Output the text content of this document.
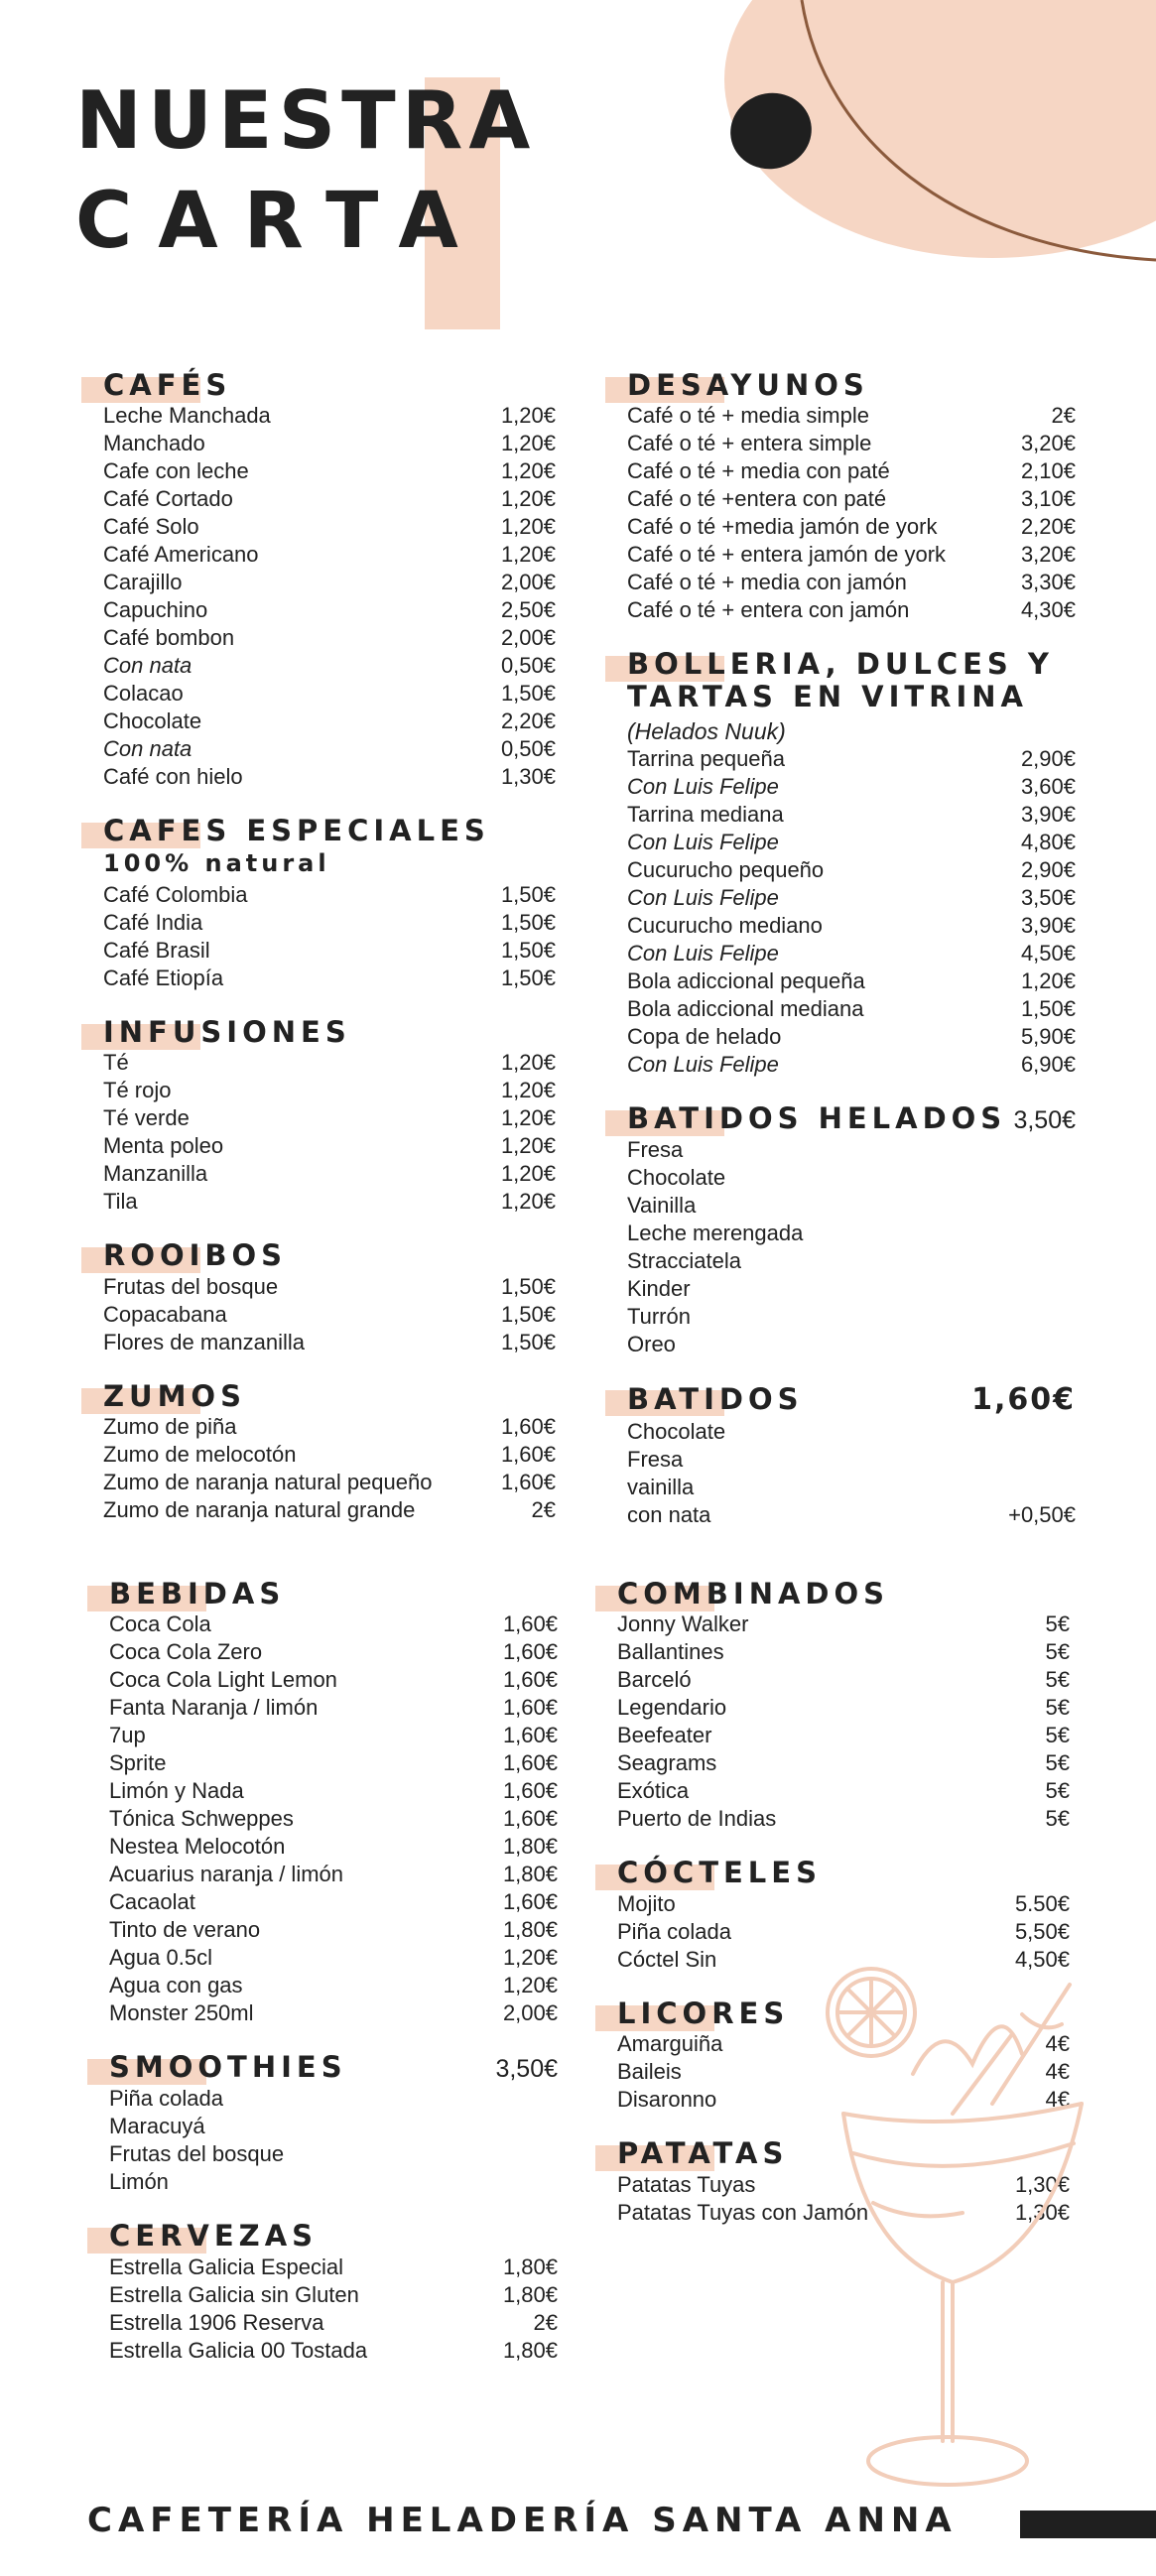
NUESTRA
CARTA
CAFÉS
Leche Manchada	1,20€
Manchado	1,20€
Cafe con leche	1,20€
Café Cortado	1,20€
Café Solo	1,20€
Café Americano	1,20€
Carajillo	2,00€
Capuchino	2,50€
Café bombon	2,00€
Con nata	0,50€
Colacao	1,50€
Chocolate	2,20€
Con nata	0,50€
Café con hielo	1,30€
CAFES ESPECIALES
100% natural
Café Colombia	1,50€
Café India	1,50€
Café Brasil	1,50€
Café Etiopía	1,50€
INFUSIONES
Té	1,20€
Té rojo	1,20€
Té verde	1,20€
Menta poleo	1,20€
Manzanilla	1,20€
Tila	1,20€
ROOIBOS
Frutas del bosque	1,50€
Copacabana	1,50€
Flores de manzanilla	1,50€
ZUMOS
Zumo de piña	1,60€
Zumo de melocotón	1,60€
Zumo de naranja natural pequeño	1,60€
Zumo de naranja natural grande	2€
DESAYUNOS
Café o té + media simple	2€
Café o té + entera simple	3,20€
Café o té + media con paté	2,10€
Café o té +entera con paté	3,10€
Café o té +media jamón de york	2,20€
Café o té + entera jamón de york	3,20€
Café o té + media con jamón	3,30€
Café o té + entera con jamón	4,30€
BOLLERIA, DULCES Y TARTAS EN VITRINA
(Helados Nuuk)
Tarrina pequeña	2,90€
Con Luis Felipe	3,60€
Tarrina mediana	3,90€
Con Luis Felipe	4,80€
Cucurucho pequeño	2,90€
Con Luis Felipe	3,50€
Cucurucho mediano	3,90€
Con Luis Felipe	4,50€
Bola adiccional pequeña	1,20€
Bola adiccional mediana	1,50€
Copa de helado	5,90€
Con Luis Felipe	6,90€
BATIDOS HELADOS 3,50€
Fresa
Chocolate
Vainilla
Leche merengada
Stracciatela
Kinder
Turrón
Oreo
BATIDOS	1,60€
Chocolate
Fresa
vainilla
con nata	+0,50€
BEBIDAS
Coca Cola	1,60€
Coca Cola Zero	1,60€
Coca Cola Light Lemon	1,60€
Fanta Naranja / limón	1,60€
7up	1,60€
Sprite	1,60€
Limón y Nada	1,60€
Tónica Schweppes	1,60€
Nestea Melocotón	1,80€
Acuarius naranja / limón	1,80€
Cacaolat	1,60€
Tinto de verano	1,80€
Agua 0.5cl	1,20€
Agua con gas	1,20€
Monster 250ml	2,00€
SMOOTHIES	3,50€
Piña colada
Maracuyá
Frutas del bosque
Limón
CERVEZAS
Estrella Galicia Especial	1,80€
Estrella Galicia sin Gluten	1,80€
Estrella 1906 Reserva	2€
Estrella Galicia 00 Tostada	1,80€
COMBINADOS
Jonny Walker	5€
Ballantines	5€
Barceló	5€
Legendario	5€
Beefeater	5€
Seagrams	5€
Exótica	5€
Puerto de Indias	5€
CÓCTELES
Mojito	5.50€
Piña colada	5,50€
Cóctel Sin	4,50€
LICORES
Amarguiña	4€
Baileis	4€
Disaronno	4€
PATATAS
Patatas Tuyas	1,30€
Patatas Tuyas con Jamón	1,30€

CAFETERÍA HELADERÍA SANTA ANNA
